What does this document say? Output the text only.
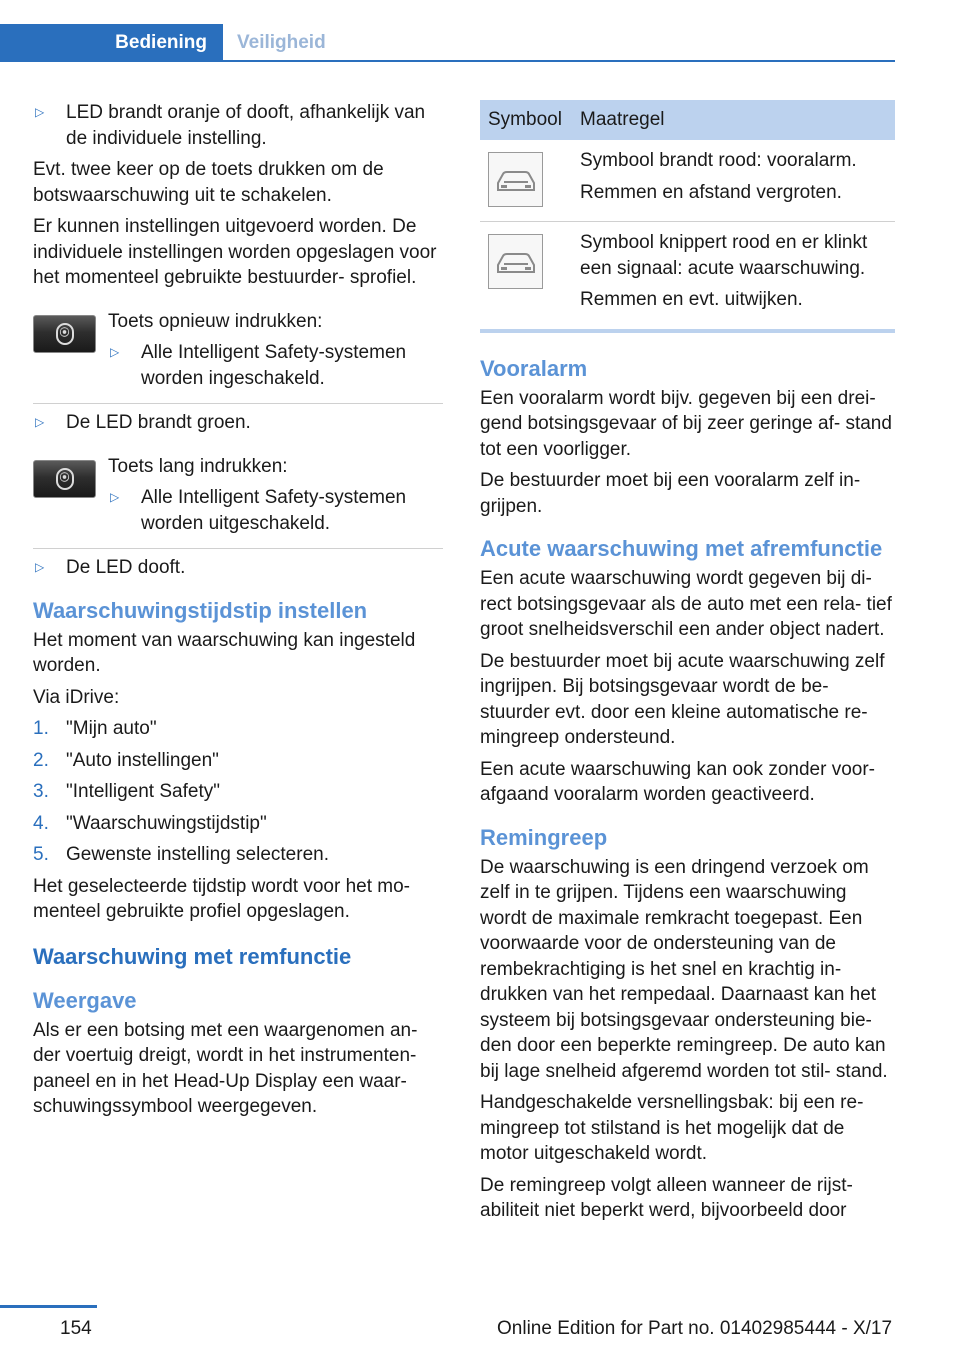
Bediening	Veiligheid
▷	LED brandt oranje of dooft, afhankelijk van de individuele instelling.

Evt. twee keer op de toets drukken om de botswaarschuwing uit te schakelen.

Er kunnen instellingen uitgevoerd worden. De individuele instellingen worden opgeslagen voor het momenteel gebruikte bestuurder- sprofiel.

⦿

Toets opnieuw indrukken:

▷	Alle Intelligent Safety-systemen worden ingeschakeld.
▷	De LED brandt groen.
⦿

Toets lang indrukken:

▷	Alle Intelligent Safety-systemen worden uitgeschakeld.
▷	De LED dooft.
Waarschuwingstijdstip instellen

Het moment van waarschuwing kan ingesteld worden.

Via iDrive:

1. "Mijn auto"
2. "Auto instellingen"
3. "Intelligent Safety"
4. "Waarschuwingstijdstip"
5. Gewenste instelling selecteren.

Het geselecteerde tijdstip wordt voor het mo- menteel gebruikte profiel opgeslagen.

Waarschuwing met remfunctie
Weergave

Als er een botsing met een waargenomen an- der voertuig dreigt, wordt in het instrumenten- paneel en in het Head-Up Display een waar- schuwingssymbool weergegeven.

Symbool	Maatregel

Symbool brandt rood: vooralarm.

Remmen en afstand vergroten.

Symbool knippert rood en er klinkt een signaal: acute waarschuwing.

Remmen en evt. uitwijken.

Vooralarm

Een vooralarm wordt bijv. gegeven bij een drei- gend botsingsgevaar of bij zeer geringe af- stand tot een voorligger.

De bestuurder moet bij een vooralarm zelf in- grijpen.

Acute waarschuwing met afremfunctie

Een acute waarschuwing wordt gegeven bij di- rect botsingsgevaar als de auto met een rela- tief groot snelheidsverschil een ander object nadert.

De bestuurder moet bij acute waarschuwing zelf ingrijpen. Bij botsingsgevaar wordt de be- stuurder evt. door een kleine automatische re- mingreep ondersteund.

Een acute waarschuwing kan ook zonder voor- afgaand vooralarm worden geactiveerd.

Remingreep

De waarschuwing is een dringend verzoek om zelf in te grijpen. Tijdens een waarschuwing wordt de maximale remkracht toegepast. Een voorwaarde voor de ondersteuning van de rembekrachtiging is het snel en krachtig in- drukken van het rempedaal. Daarnaast kan het systeem bij botsingsgevaar ondersteuning bie- den door een beperkte remingreep. De auto kan bij lage snelheid afgeremd worden tot stil- stand.

Handgeschakelde versnellingsbak: bij een re- mingreep tot stilstand is het mogelijk dat de motor uitgeschakeld wordt.

De remingreep volgt alleen wanneer de rijst- abiliteit niet beperkt werd, bijvoorbeeld door

154	Online Edition for Part no. 01402985444 - X/17
